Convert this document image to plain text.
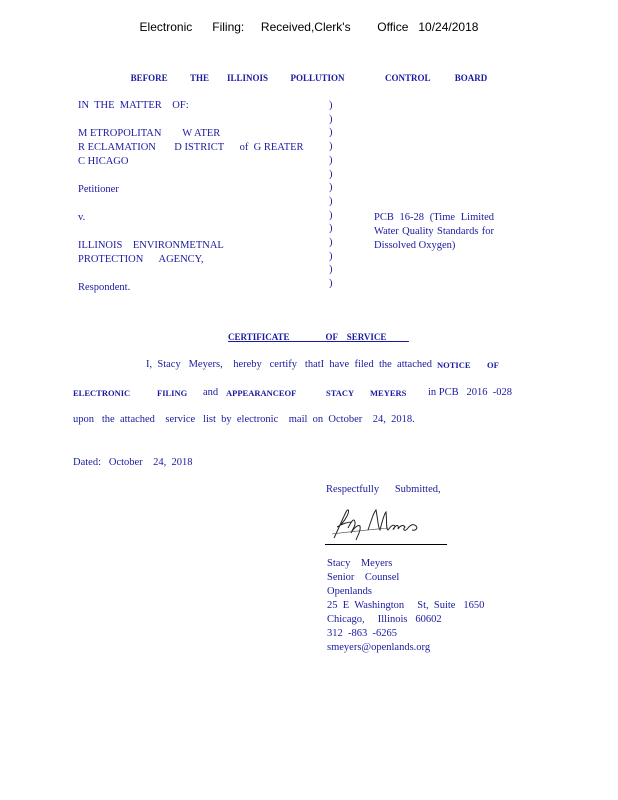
Electronic      Filing:     Received,Clerk's        Office   10/24/2018
BEFORE          THE        ILLINOIS          POLLUTION                  CONTROL           BOARD
IN  THE  MATTER    OF:
M ETROPOLITAN        W ATER
R ECLAMATION       D ISTRICT      of  G REATER
C HICAGO
Petitioner
v.
ILLINOIS    ENVIRONMETNAL
PROTECTION      AGENCY,
Respondent.
)
)
)
)
)
)
)
)
)
)
)
)
)
)
PCB 16-28 (Time Limited Water Quality Standards for Dissolved Oxygen)
CERTIFICATE                OF    SERVICE
I,  Stacy   Meyers,    hereby   certify   thatI  have  filed  the  attached NOTICE OF
ELECTRONIC	FILING and APPEARANCEOF	STACY MEYERS in PCB   2016  -028
upon   the  attached    service   list  by  electronic    mail  on  October    24,  2018.
Dated:   October    24,  2018
Respectfully      Submitted,
Stacy    Meyers
Senior    Counsel
Openlands
25  E  Washington     St,  Suite   1650
Chicago,     Illinois   60602
312  -863  -6265
smeyers@openlands.org
